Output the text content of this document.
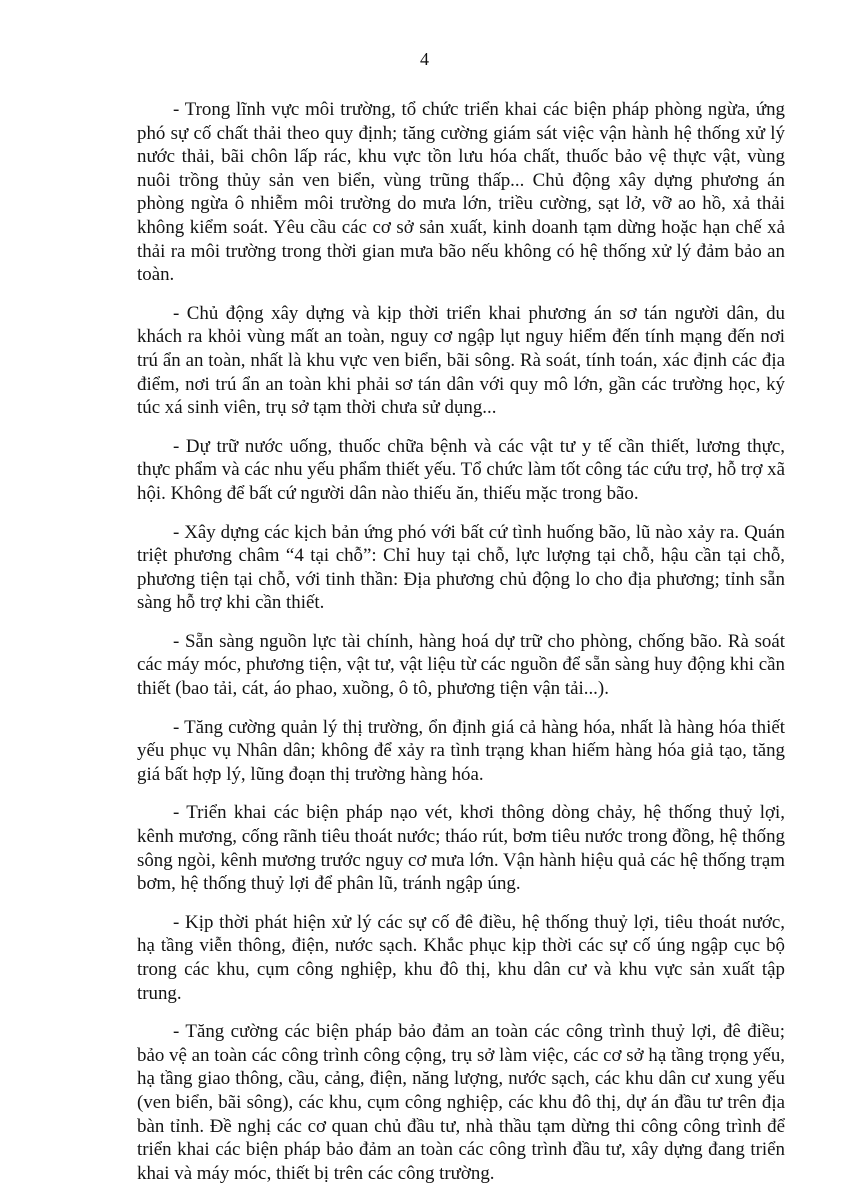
4

- Trong lĩnh vực môi trường, tổ chức triển khai các biện pháp phòng ngừa, ứng phó sự cố chất thải theo quy định; tăng cường giám sát việc vận hành hệ thống xử lý nước thải, bãi chôn lấp rác, khu vực tồn lưu hóa chất, thuốc bảo vệ thực vật, vùng nuôi trồng thủy sản ven biển, vùng trũng thấp... Chủ động xây dựng phương án phòng ngừa ô nhiễm môi trường do mưa lớn, triều cường, sạt lở, vỡ ao hồ, xả thải không kiểm soát. Yêu cầu các cơ sở sản xuất, kinh doanh tạm dừng hoặc hạn chế xả thải ra môi trường trong thời gian mưa bão nếu không có hệ thống xử lý đảm bảo an toàn.

- Chủ động xây dựng và kịp thời triển khai phương án sơ tán người dân, du khách ra khỏi vùng mất an toàn, nguy cơ ngập lụt nguy hiểm đến tính mạng đến nơi trú ẩn an toàn, nhất là khu vực ven biển, bãi sông. Rà soát, tính toán, xác định các địa điểm, nơi trú ẩn an toàn khi phải sơ tán dân với quy mô lớn, gần các trường học, ký túc xá sinh viên, trụ sở tạm thời chưa sử dụng...

- Dự trữ nước uống, thuốc chữa bệnh và các vật tư y tế cần thiết, lương thực, thực phẩm và các nhu yếu phẩm thiết yếu. Tổ chức làm tốt công tác cứu trợ, hỗ trợ xã hội. Không để bất cứ người dân nào thiếu ăn, thiếu mặc trong bão.

- Xây dựng các kịch bản ứng phó với bất cứ tình huống bão, lũ nào xảy ra. Quán triệt phương châm “4 tại chỗ”: Chỉ huy tại chỗ, lực lượng tại chỗ, hậu cần tại chỗ, phương tiện tại chỗ, với tinh thần: Địa phương chủ động lo cho địa phương; tỉnh sẵn sàng hỗ trợ khi cần thiết.

- Sẵn sàng nguồn lực tài chính, hàng hoá dự trữ cho phòng, chống bão. Rà soát các máy móc, phương tiện, vật tư, vật liệu từ các nguồn để sẵn sàng huy động khi cần thiết (bao tải, cát, áo phao, xuồng, ô tô, phương tiện vận tải...).

- Tăng cường quản lý thị trường, ổn định giá cả hàng hóa, nhất là hàng hóa thiết yếu phục vụ Nhân dân; không để xảy ra tình trạng khan hiếm hàng hóa giả tạo, tăng giá bất hợp lý, lũng đoạn thị trường hàng hóa.

- Triển khai các biện pháp nạo vét, khơi thông dòng chảy, hệ thống thuỷ lợi, kênh mương, cống rãnh tiêu thoát nước; tháo rút, bơm tiêu nước trong đồng, hệ thống sông ngòi, kênh mương trước nguy cơ mưa lớn. Vận hành hiệu quả các hệ thống trạm bơm, hệ thống thuỷ lợi để phân lũ, tránh ngập úng.

- Kịp thời phát hiện xử lý các sự cố đê điều, hệ thống thuỷ lợi, tiêu thoát nước, hạ tầng viễn thông, điện, nước sạch. Khắc phục kịp thời các sự cố úng ngập cục bộ trong các khu, cụm công nghiệp, khu đô thị, khu dân cư và khu vực sản xuất tập trung.

- Tăng cường các biện pháp bảo đảm an toàn các công trình thuỷ lợi, đê điều; bảo vệ an toàn các công trình công cộng, trụ sở làm việc, các cơ sở hạ tầng trọng yếu, hạ tầng giao thông, cầu, cảng, điện, năng lượng, nước sạch, các khu dân cư xung yếu (ven biển, bãi sông), các khu, cụm công nghiệp, các khu đô thị, dự án đầu tư trên địa bàn tỉnh. Đề nghị các cơ quan chủ đầu tư, nhà thầu tạm dừng thi công công trình để triển khai các biện pháp bảo đảm an toàn các công trình đầu tư, xây dựng đang triển khai và máy móc, thiết bị trên các công trường.
